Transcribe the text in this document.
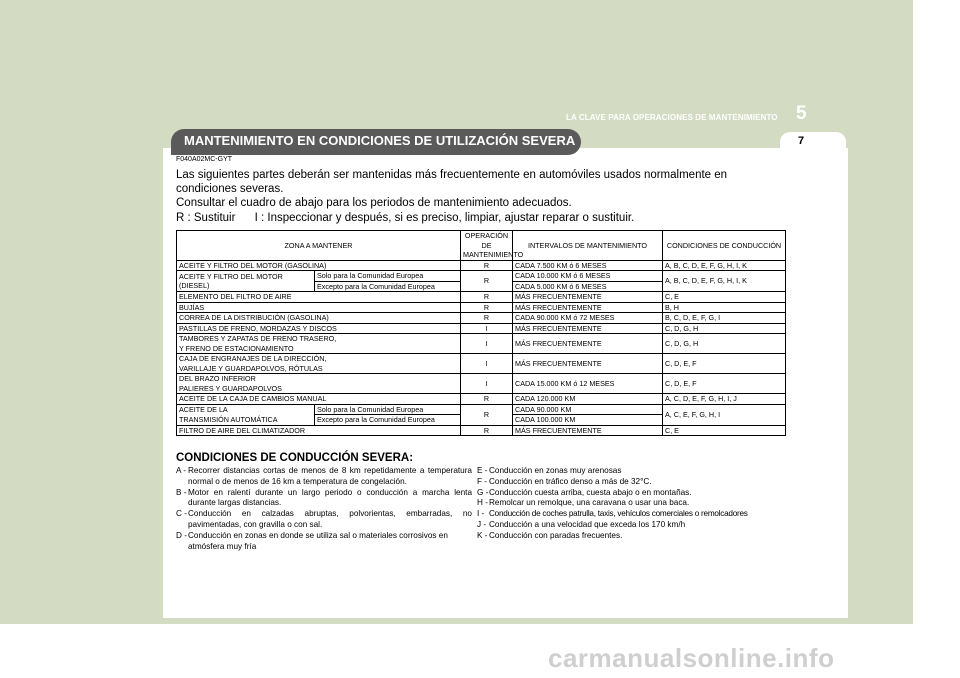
LA CLAVE PARA OPERACIONES DE MANTENIMIENTO 5
7
MANTENIMIENTO EN CONDICIONES DE UTILIZACIÓN SEVERA
F040A02MC-GYT

Las siguientes partes deberán ser mantenidas más frecuentemente en automóviles usados normalmente en condiciones severas.

Consultar el cuadro de abajo para los periodos de mantenimiento adecuados.

R : Sustituir      I : Inspeccionar y después, si es preciso, limpiar, ajustar reparar o sustituir.
ZONA A MANTENER		OPERACIÓN DE MANTENIMIENTO	INTERVALOS DE MANTENIMIENTO	CONDICIONES DE CONDUCCIÓN
ACEITE Y FILTRO DEL MOTOR (GASOLINA)		R	CADA 7.500 KM ó 6 MESES	A, B, C, D, E, F, G, H, I, K
ACEITE Y FILTRO DEL MOTOR
(DIESEL)	Solo para la Comunidad Europea	R	CADA 10.000 KM ó 6 MESES	A, B, C, D, E, F, G, H, I, K
	Excepto para la Comunidad Europea		CADA 5.000 KM ó 6 MESES	
ELEMENTO DEL FILTRO DE AIRE		R	MÁS FRECUENTEMENTE	C, E
BUJÍAS		R	MÁS FRECUENTEMENTE	B, H
CORREA DE LA DISTRIBUCIÓN (GASOLINA)		R	CADA 90.000 KM ó 72 MESES	B, C, D, E, F, G, I
PASTILLAS DE FRENO, MORDAZAS Y DISCOS		I	MÁS FRECUENTEMENTE	C, D, G, H
TAMBORES Y ZAPATAS DE FRENO TRASERO,
Y FRENO DE ESTACIONAMIENTO		I	MÁS FRECUENTEMENTE	C, D, G, H
CAJA DE ENGRANAJES DE LA DIRECCIÓN,
VARILLAJE Y GUARDAPOLVOS, RÓTULAS		I	MÁS FRECUENTEMENTE	C, D, E, F
DEL BRAZO INFERIOR
PALIERES Y GUARDAPOLVOS		I	CADA 15.000 KM ó 12 MESES	C, D, E, F
ACEITE DE LA CAJA DE CAMBIOS MANUAL		R	CADA 120.000 KM	A, C, D, E, F, G, H, I, J
ACEITE DE LA
TRANSMISIÓN AUTOMÁTICA	Solo para la Comunidad Europea	R	CADA 90.000 KM	A, C, E, F, G, H, I
	Excepto para la Comunidad Europea		CADA 100.000 KM	
FILTRO DE AIRE DEL CLIMATIZADOR		R	MÁS FRECUENTEMENTE	C, E
CONDICIONES DE CONDUCCIÓN SEVERA:
A - Recorrer distancias cortas de menos de 8 km repetidamente a temperatura normal o de menos de 16 km a temperatura de congelación.
B - Motor en ralentí durante un largo periodo o conducción a marcha lenta durante largas distancias.
C - Conducción en calzadas abruptas, polvorientas, embarradas, no pavimentadas, con gravilla o con sal.
D - Conducción en zonas en donde se utiliza sal o materiales corrosivos en atmósfera muy fría
E - Conducción en zonas muy arenosas
F - Conducción en tráfico denso a más de 32°C.
G - Conducción cuesta arriba, cuesta abajo o en montañas.
H - Remolcar un remolque, una caravana o usar una baca.
I - Conducción de coches patrulla, taxis, vehículos comerciales o remolcadores
J - Conducción a una velocidad que exceda los 170 km/h
K - Conducción con paradas frecuentes.
carmanualsonline.info
